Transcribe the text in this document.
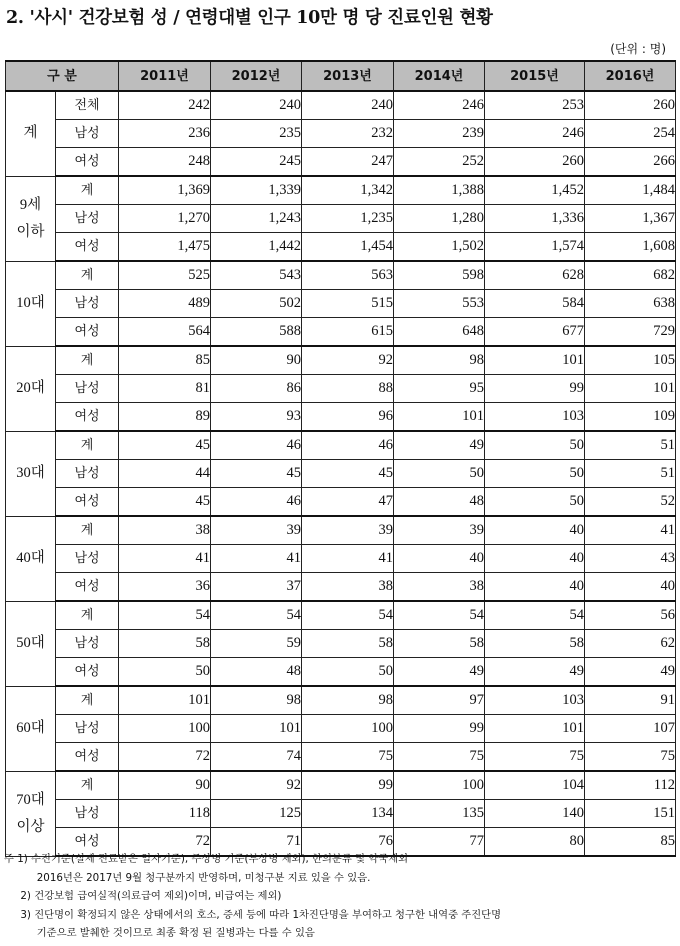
2. '사시' 건강보험 성 / 연령대별 인구 10만 명 당 진료인원 현황
(단위 : 명)
구 분		2011년	2012년	2013년	2014년	2015년	2016년
계	전체	242	240	240	246	253	260
	남성	236	235	232	239	246	254
	여성	248	245	247	252	260	266
9세
이하	계	1,369	1,339	1,342	1,388	1,452	1,484
	남성	1,270	1,243	1,235	1,280	1,336	1,367
	여성	1,475	1,442	1,454	1,502	1,574	1,608
10대	계	525	543	563	598	628	682
	남성	489	502	515	553	584	638
	여성	564	588	615	648	677	729
20대	계	85	90	92	98	101	105
	남성	81	86	88	95	99	101
	여성	89	93	96	101	103	109
30대	계	45	46	46	49	50	51
	남성	44	45	45	50	50	51
	여성	45	46	47	48	50	52
40대	계	38	39	39	39	40	41
	남성	41	41	41	40	40	43
	여성	36	37	38	38	40	40
50대	계	54	54	54	54	54	56
	남성	58	59	58	58	58	62
	여성	50	48	50	49	49	49
60대	계	101	98	98	97	103	91
	남성	100	101	100	99	101	107
	여성	72	74	75	75	75	75
70대
이상	계	90	92	99	100	104	112
	남성	118	125	134	135	140	151
	여성	72	71	76	77	80	85
주 1) 수진기준(실제 진료받은 일자기준), 주상병 기준(부상병 제외), 한의분류 및 약국제외
2016년은 2017년 9월 청구분까지 반영하며, 미청구분 지료 있을 수 있음.
2) 건강보험 급여실적(의료급여 제외)이며, 비급여는 제외)
3) 진단명이 확정되지 않은 상태에서의 호소, 증세 등에 따라 1차진단명을 부여하고 청구한 내역중 주진단명
기준으로 발췌한 것이므로 최종 확정 된 질병과는 다를 수 있음
